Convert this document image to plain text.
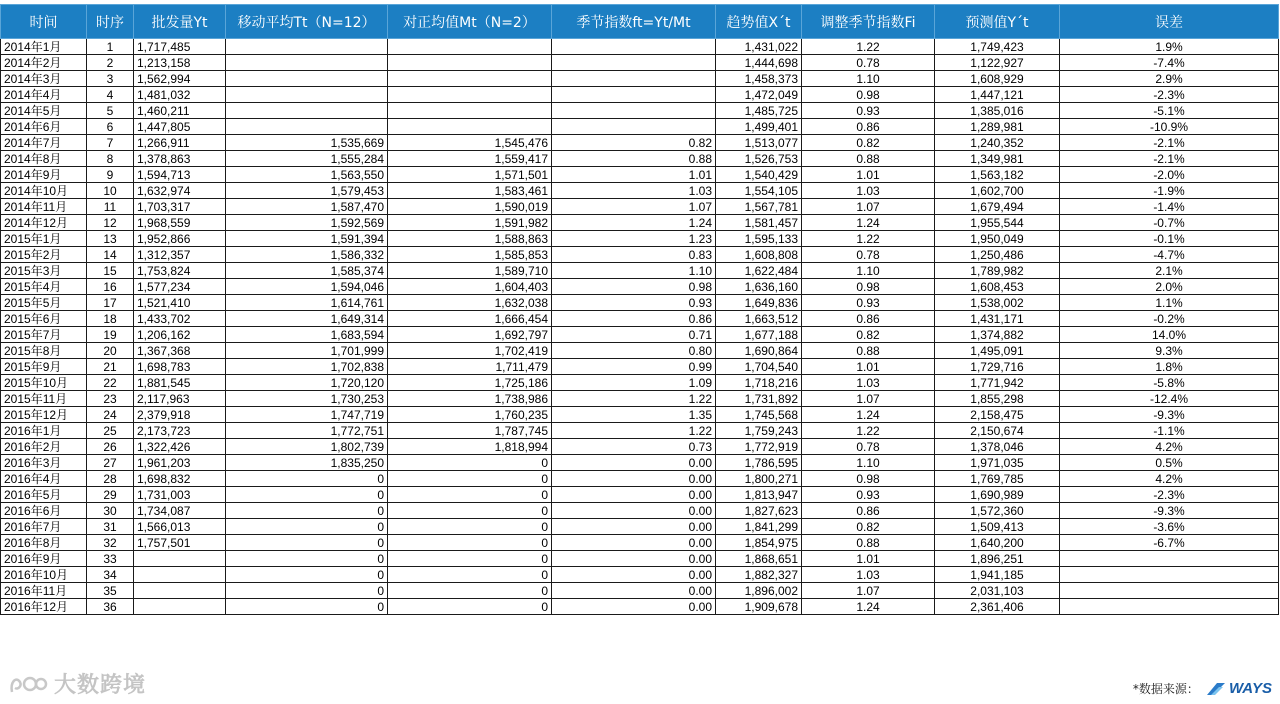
时间	时序	批发量Yt	移动平均Tt（N=12）	对正均值Mt（N=2）	季节指数ft=Yt/Mt	趋势值X´t	调整季节指数Fi	预测值Y´t	误差
2014年1月	1	1,717,485				1,431,022	1.22	1,749,423	1.9%
2014年2月	2	1,213,158				1,444,698	0.78	1,122,927	-7.4%
2014年3月	3	1,562,994				1,458,373	1.10	1,608,929	2.9%
2014年4月	4	1,481,032				1,472,049	0.98	1,447,121	-2.3%
2014年5月	5	1,460,211				1,485,725	0.93	1,385,016	-5.1%
2014年6月	6	1,447,805				1,499,401	0.86	1,289,981	-10.9%
2014年7月	7	1,266,911	1,535,669	1,545,476	0.82	1,513,077	0.82	1,240,352	-2.1%
2014年8月	8	1,378,863	1,555,284	1,559,417	0.88	1,526,753	0.88	1,349,981	-2.1%
2014年9月	9	1,594,713	1,563,550	1,571,501	1.01	1,540,429	1.01	1,563,182	-2.0%
2014年10月	10	1,632,974	1,579,453	1,583,461	1.03	1,554,105	1.03	1,602,700	-1.9%
2014年11月	11	1,703,317	1,587,470	1,590,019	1.07	1,567,781	1.07	1,679,494	-1.4%
2014年12月	12	1,968,559	1,592,569	1,591,982	1.24	1,581,457	1.24	1,955,544	-0.7%
2015年1月	13	1,952,866	1,591,394	1,588,863	1.23	1,595,133	1.22	1,950,049	-0.1%
2015年2月	14	1,312,357	1,586,332	1,585,853	0.83	1,608,808	0.78	1,250,486	-4.7%
2015年3月	15	1,753,824	1,585,374	1,589,710	1.10	1,622,484	1.10	1,789,982	2.1%
2015年4月	16	1,577,234	1,594,046	1,604,403	0.98	1,636,160	0.98	1,608,453	2.0%
2015年5月	17	1,521,410	1,614,761	1,632,038	0.93	1,649,836	0.93	1,538,002	1.1%
2015年6月	18	1,433,702	1,649,314	1,666,454	0.86	1,663,512	0.86	1,431,171	-0.2%
2015年7月	19	1,206,162	1,683,594	1,692,797	0.71	1,677,188	0.82	1,374,882	14.0%
2015年8月	20	1,367,368	1,701,999	1,702,419	0.80	1,690,864	0.88	1,495,091	9.3%
2015年9月	21	1,698,783	1,702,838	1,711,479	0.99	1,704,540	1.01	1,729,716	1.8%
2015年10月	22	1,881,545	1,720,120	1,725,186	1.09	1,718,216	1.03	1,771,942	-5.8%
2015年11月	23	2,117,963	1,730,253	1,738,986	1.22	1,731,892	1.07	1,855,298	-12.4%
2015年12月	24	2,379,918	1,747,719	1,760,235	1.35	1,745,568	1.24	2,158,475	-9.3%
2016年1月	25	2,173,723	1,772,751	1,787,745	1.22	1,759,243	1.22	2,150,674	-1.1%
2016年2月	26	1,322,426	1,802,739	1,818,994	0.73	1,772,919	0.78	1,378,046	4.2%
2016年3月	27	1,961,203	1,835,250	0	0.00	1,786,595	1.10	1,971,035	0.5%
2016年4月	28	1,698,832	0	0	0.00	1,800,271	0.98	1,769,785	4.2%
2016年5月	29	1,731,003	0	0	0.00	1,813,947	0.93	1,690,989	-2.3%
2016年6月	30	1,734,087	0	0	0.00	1,827,623	0.86	1,572,360	-9.3%
2016年7月	31	1,566,013	0	0	0.00	1,841,299	0.82	1,509,413	-3.6%
2016年8月	32	1,757,501	0	0	0.00	1,854,975	0.88	1,640,200	-6.7%
2016年9月	33		0	0	0.00	1,868,651	1.01	1,896,251	
2016年10月	34		0	0	0.00	1,882,327	1.03	1,941,185	
2016年11月	35		0	0	0.00	1,896,002	1.07	2,031,103	
2016年12月	36		0	0	0.00	1,909,678	1.24	2,361,406	
大数跨境	*数据来源： WAYS
